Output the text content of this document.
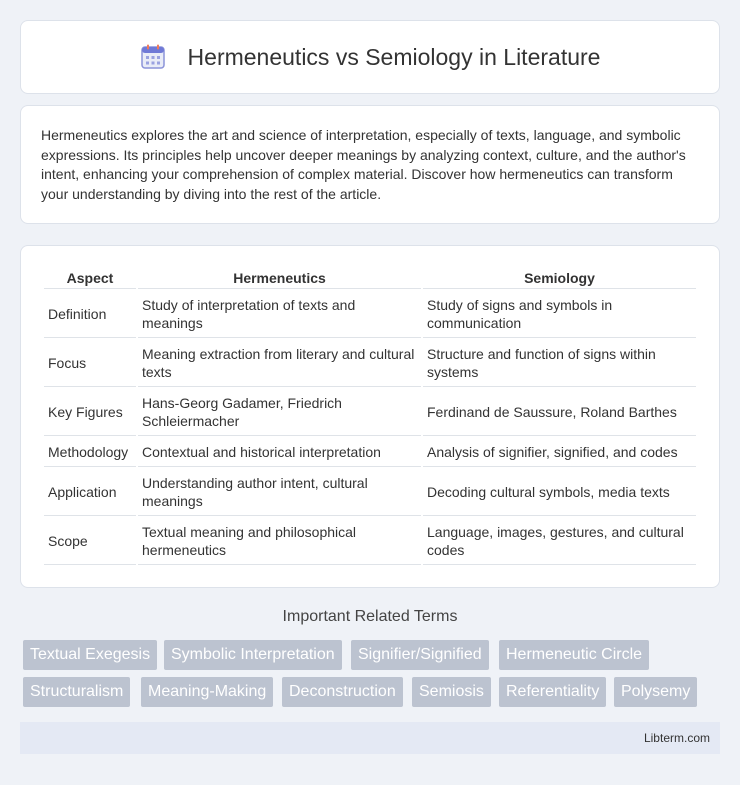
Hermeneutics vs Semiology in Literature

Hermeneutics explores the art and science of interpretation, especially of texts, language, and symbolic expressions. Its principles help uncover deeper meanings by analyzing context, culture, and the author's intent, enhancing your comprehension of complex material. Discover how hermeneutics can transform your understanding by diving into the rest of the article.

Aspect	Hermeneutics	Semiology
Definition	Study of interpretation of texts and meanings	Study of signs and symbols in communication
Focus	Meaning extraction from literary and cultural texts	Structure and function of signs within systems
Key Figures	Hans-Georg Gadamer, Friedrich Schleiermacher	Ferdinand de Saussure, Roland Barthes
Methodology	Contextual and historical interpretation	Analysis of signifier, signified, and codes
Application	Understanding author intent, cultural meanings	Decoding cultural symbols, media texts
Scope	Textual meaning and philosophical hermeneutics	Language, images, gestures, and cultural codes
Important Related Terms
Textual Exegesis	Symbolic Interpretation	Signifier/Signified	Hermeneutic Circle
Structuralism	Meaning-Making	Deconstruction	Semiosis	Referentiality	Polysemy
Libterm.com
